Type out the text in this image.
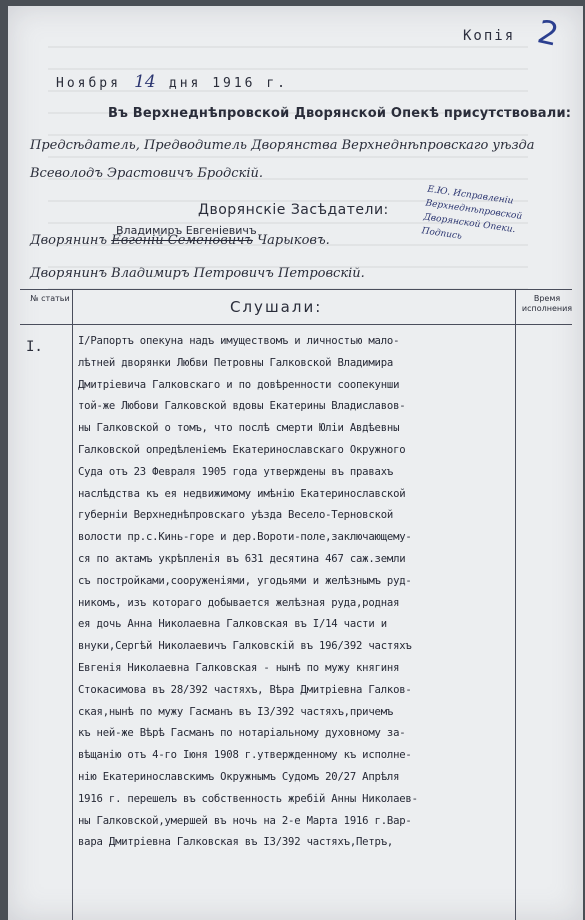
Копія 2
Ноября 14 дня 1916 г.
Въ Верхнеднѣпровской Дворянской Опекѣ присутствовали:
Предсѣдатель, Предводитель Дворянства Верхнеднѣпровскаго уѣзда
Всеволодъ Эрастовичъ Бродскій.
Дворянскіе Засѣдатели:
Владимиръ Евгеніевичъ
Дворянинъ Евгеній Семеновичъ Чарыковъ.
Дворянинъ Владимиръ Петровичъ Петровскій.
Е.Ю. Исправленіи Верхнеднѣпровской Дворянской Опеки. Подпись
№ статьи	Слушали:	Время исполнения
I.	I/Рапортъ опекуна надъ имуществомъ и личностью мало-
лѣтней дворянки Любви Петровны Галковской Владимира
Дмитріевича Галковскаго и по довѣренности соопекунши
той-же Любови Галковской вдовы Екатерины Владиславов-
ны Галковской о томъ, что послѣ смерти Юліи Авдѣевны
Галковской опредѣленіемъ Екатеринославскаго Окружного
Суда отъ 23 Февраля 1905 года утверждены въ правахъ
наслѣдства къ ея недвижимому имѣнію Екатеринославской
губерніи Верхнеднѣпровскаго уѣзда Весело-Терновской
волости пр.с.Кинь-горе и дер.Вороти-поле,заключающему-
ся по актамъ укрѣпленія въ 631 десятина 467 саж.земли
съ постройками,сооруженіями, угодьями и желѣзнымъ руд-
никомъ, изъ котораго добывается желѣзная руда,родная
ея дочь Анна Николаевна Галковская въ I/14 части и
внуки,Сергѣй Николаевичъ Галковскій въ 196/392 частяхъ
Евгенія Николаевна Галковская - нынѣ по мужу княгиня
Стокасимова въ 28/392 частяхъ, Вѣра Дмитріевна Галков-
ская,нынѣ по мужу Гасманъ въ I3/392 частяхъ,причемъ
къ ней-же Вѣрѣ Гасманъ по нотаріальному духовному за-
вѣщанію отъ 4-го Іюня 1908 г.утвержденному къ исполне-
нію Екатеринославскимъ Окружнымъ Судомъ 20/27 Апрѣля
1916 г. перешелъ въ собственность жребій Анны Николаев-
ны Галковской,умершей въ ночь на 2-е Марта 1916 г.Вар-
вара Дмитріевна Галковская въ I3/392 частяхъ,Петръ,
